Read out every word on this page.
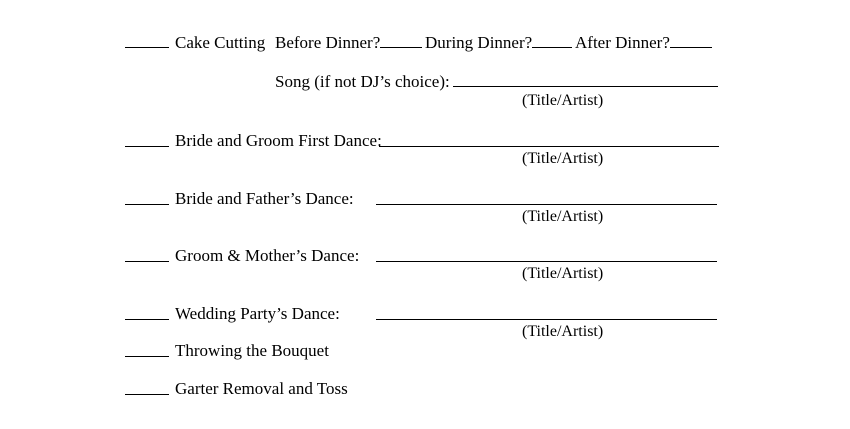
Cake Cutting Before Dinner?	During Dinner?	After Dinner?
Song (if not DJ’s choice):
(Title/Artist)
Bride and Groom First Dance:
(Title/Artist)
Bride and Father’s Dance:
(Title/Artist)
Groom & Mother’s Dance:
(Title/Artist)
Wedding Party’s Dance:
(Title/Artist)
Throwing the Bouquet
Garter Removal and Toss
